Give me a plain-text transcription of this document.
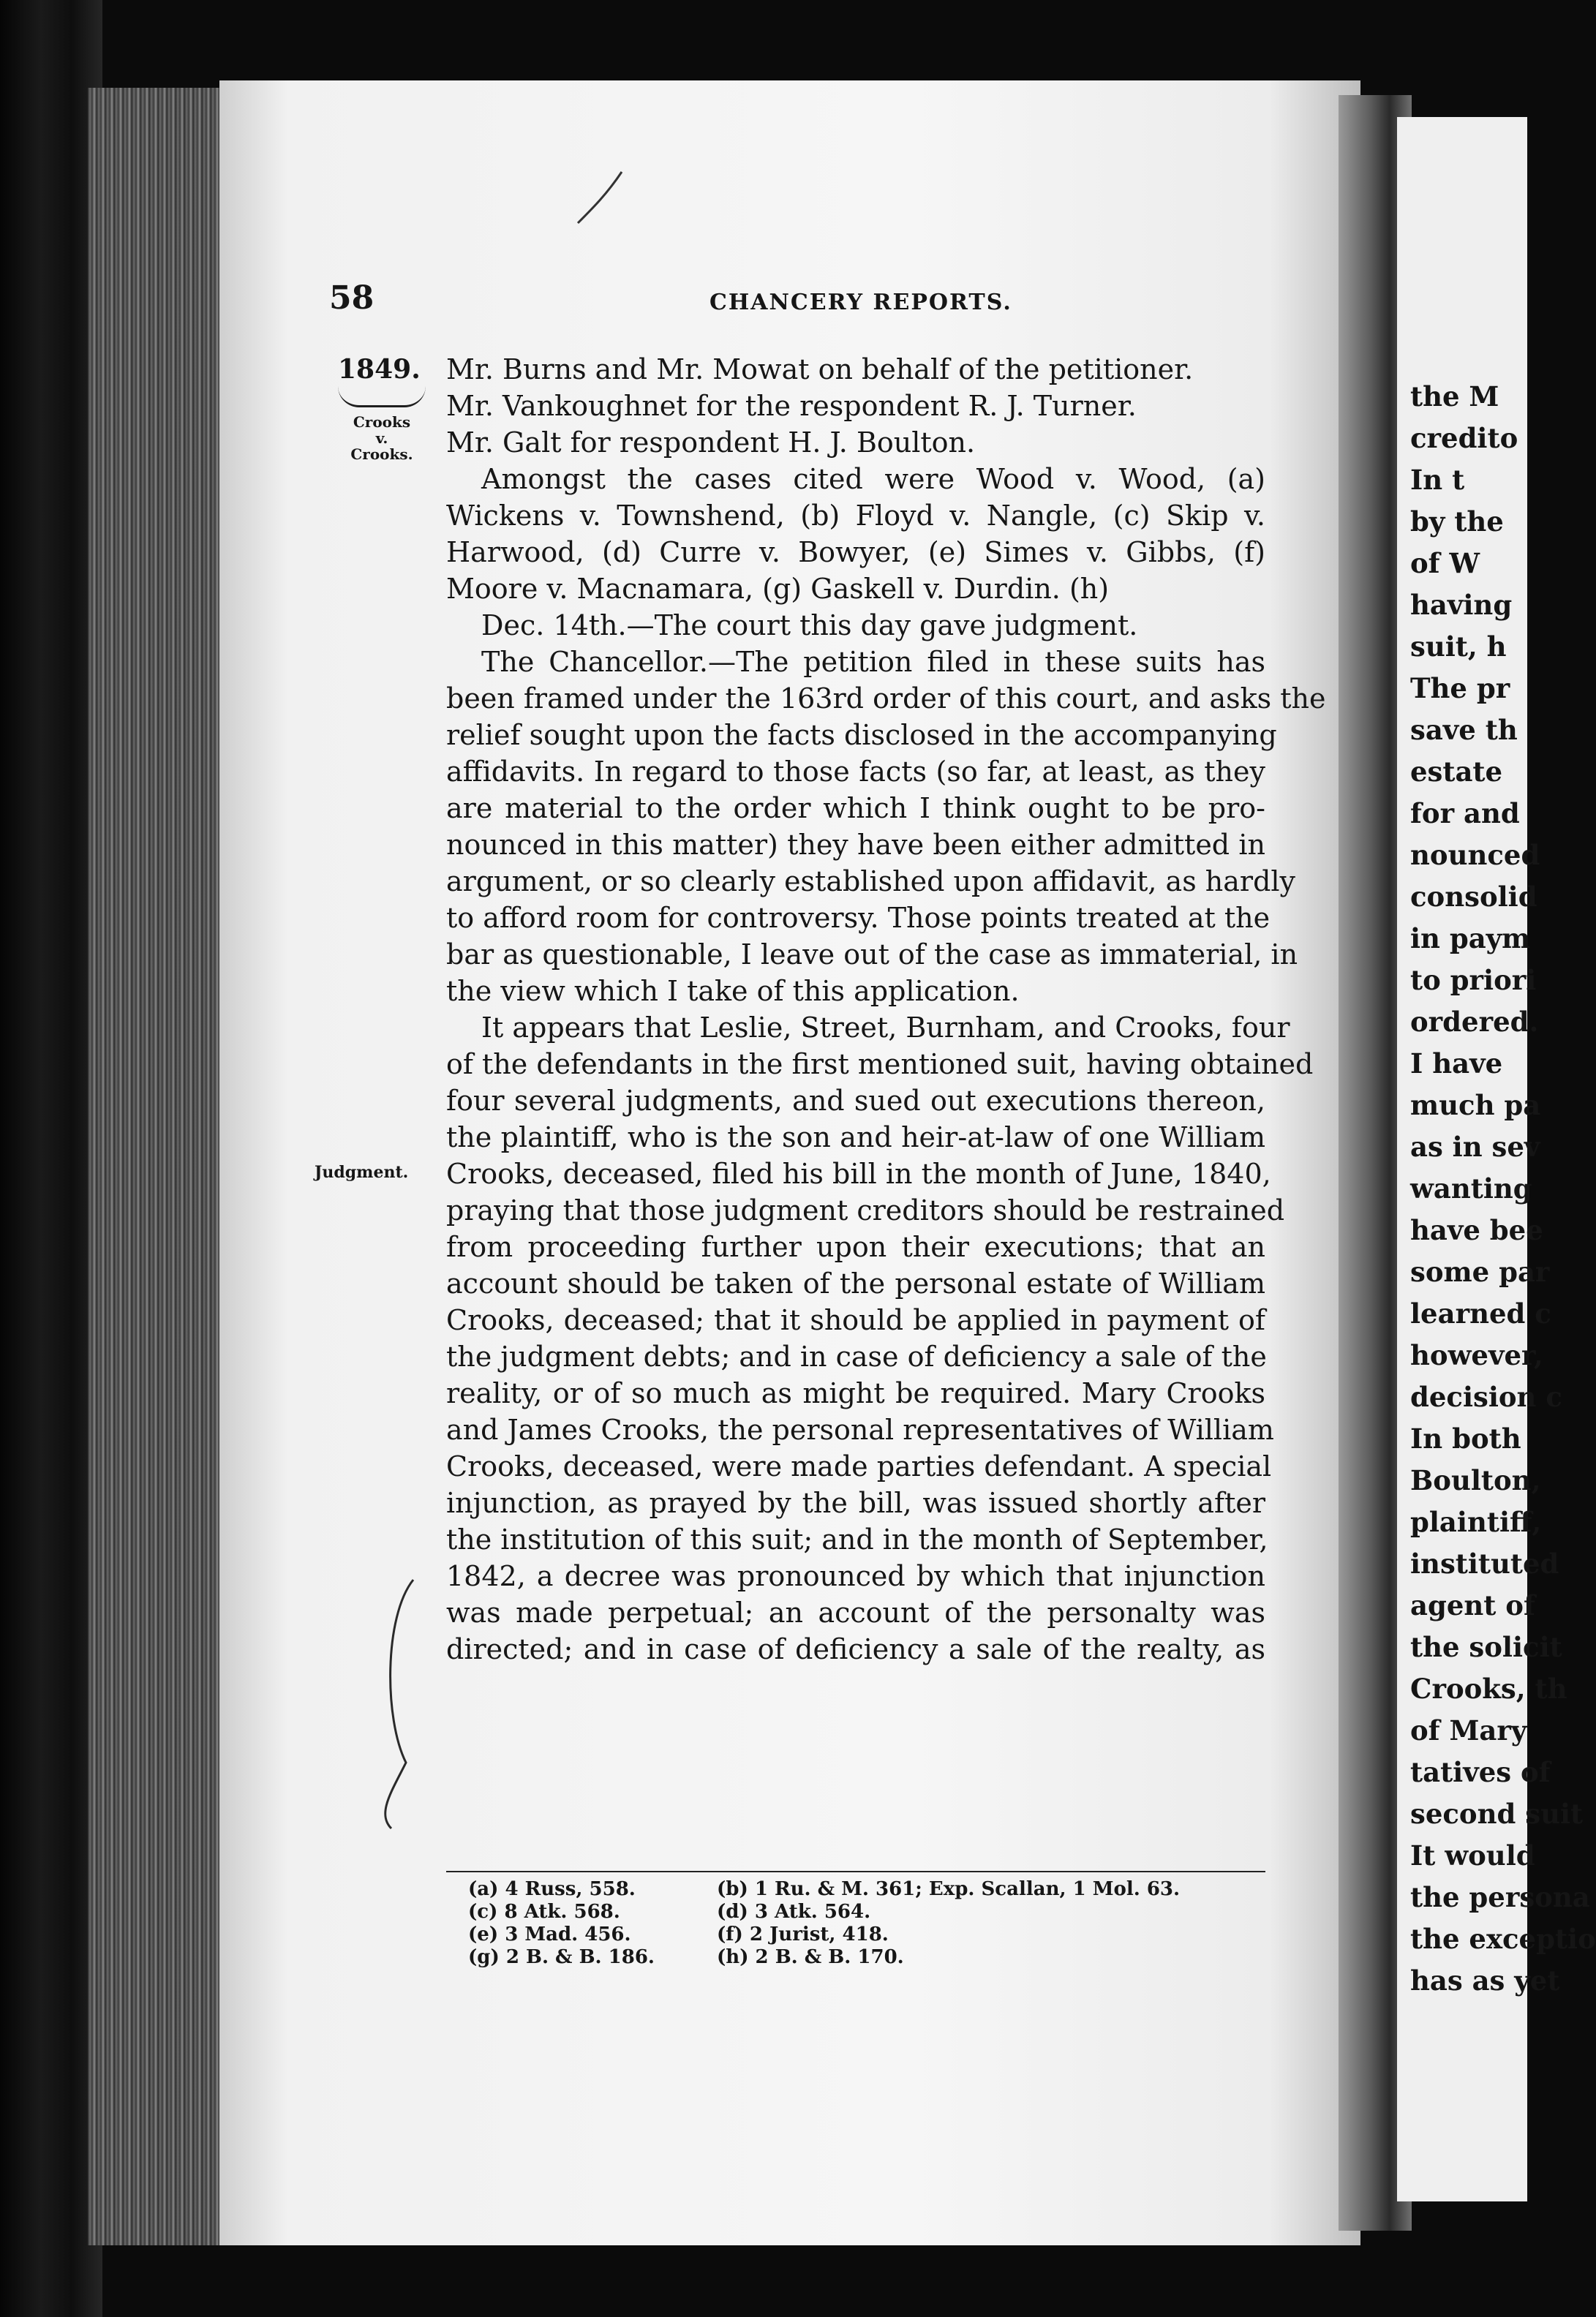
the M
credito
In t
by the
of W
having
suit, h
The pr
save th
estate
for and
nounced
consolid
in paym
to priori
ordered.
I have
much pa
as in sev
wanting
have bee
some par
learned c
however,
decision c
In both
Boulton,
plaintiff,
instituted
agent of
the solicit
Crooks, th
of Mary
tatives of
second suit
It would
the persona
the exceptio
has as yet
58	CHANCERY REPORTS.
1849.
Crooks
v.
Crooks.
Judgment.
Mr. Burns and Mr. Mowat on behalf of the petitioner.
Mr. Vankoughnet for the respondent R. J. Turner.
Mr. Galt for respondent H. J. Boulton.
Amongst the cases cited were Wood v. Wood, (a)
Wickens v. Townshend, (b) Floyd v. Nangle, (c) Skip v.
Harwood, (d) Curre v. Bowyer, (e) Simes v. Gibbs, (f)
Moore v. Macnamara, (g) Gaskell v. Durdin. (h)
Dec. 14th.—The court this day gave judgment.
The Chancellor.—The petition filed in these suits has
been framed under the 163rd order of this court, and asks the
relief sought upon the facts disclosed in the accompanying
affidavits. In regard to those facts (so far, at least, as they
are material to the order which I think ought to be pro-
nounced in this matter) they have been either admitted in
argument, or so clearly established upon affidavit, as hardly
to afford room for controversy. Those points treated at the
bar as questionable, I leave out of the case as immaterial, in
the view which I take of this application.
It appears that Leslie, Street, Burnham, and Crooks, four
of the defendants in the first mentioned suit, having obtained
four several judgments, and sued out executions thereon,
the plaintiff, who is the son and heir-at-law of one William
Crooks, deceased, filed his bill in the month of June, 1840,
praying that those judgment creditors should be restrained
from proceeding further upon their executions; that an
account should be taken of the personal estate of William
Crooks, deceased; that it should be applied in payment of
the judgment debts; and in case of deficiency a sale of the
reality, or of so much as might be required. Mary Crooks
and James Crooks, the personal representatives of William
Crooks, deceased, were made parties defendant. A special
injunction, as prayed by the bill, was issued shortly after
the institution of this suit; and in the month of September,
1842, a decree was pronounced by which that injunction
was made perpetual; an account of the personalty was
directed; and in case of deficiency a sale of the realty, as
(a) 4 Russ, 558.
(c) 8 Atk. 568.
(e) 3 Mad. 456.
(g) 2 B. & B. 186.
(b) 1 Ru. & M. 361; Exp. Scallan, 1 Mol. 63.
(d) 3 Atk. 564.
(f) 2 Jurist, 418.
(h) 2 B. & B. 170.
